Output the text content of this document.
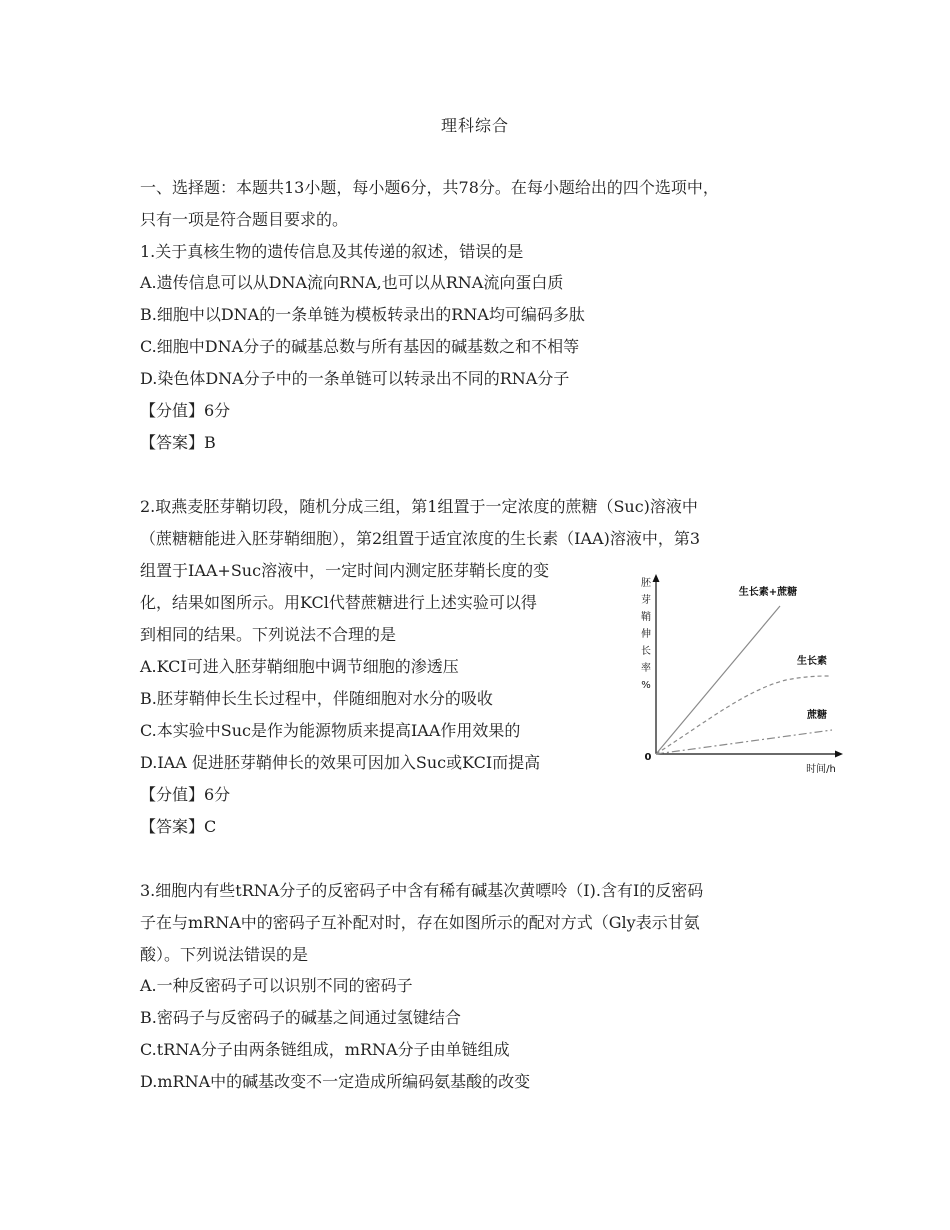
理科综合
一、选择题：本题共13小题，每小题6分，共78分。在每小题给出的四个选项中，
只有一项是符合题目要求的。
1.关于真核生物的遗传信息及其传递的叙述，错误的是
A.遗传信息可以从DNA流向RNA,也可以从RNA流向蛋白质
B.细胞中以DNA的一条单链为模板转录出的RNA均可编码多肽
C.细胞中DNA分子的碱基总数与所有基因的碱基数之和不相等
D.染色体DNA分子中的一条单链可以转录出不同的RNA分子
【分值】6分
【答案】B
2.取燕麦胚芽鞘切段，随机分成三组，第1组置于一定浓度的蔗糖（Suc)溶液中
（蔗糖糖能进入胚芽鞘细胞），第2组置于适宜浓度的生长素（IAA)溶液中，第3
组置于IAA+Suc溶液中，一定时间内测定胚芽鞘长度的变
化，结果如图所示。用KCl代替蔗糖进行上述实验可以得
到相同的结果。下列说法不合理的是
A.KCI可进入胚芽鞘细胞中调节细胞的渗透压
B.胚芽鞘伸长生长过程中，伴随细胞对水分的吸收
C.本实验中Suc是作为能源物质来提高IAA作用效果的
D.IAA 促进胚芽鞘伸长的效果可因加入Suc或KCI而提高
【分值】6分
【答案】C
胚
芽
鞘
伸
长
率
%
0
时间/h
生长素+蔗糖
生长素
蔗糖
3.细胞内有些tRNA分子的反密码子中含有稀有碱基次黄嘌呤（I).含有I的反密码
子在与mRNA中的密码子互补配对时，存在如图所示的配对方式（Gly表示甘氨
酸）。下列说法错误的是
A.一种反密码子可以识别不同的密码子
B.密码子与反密码子的碱基之间通过氢键结合
C.tRNA分子由两条链组成，mRNA分子由单链组成
D.mRNA中的碱基改变不一定造成所编码氨基酸的改变
